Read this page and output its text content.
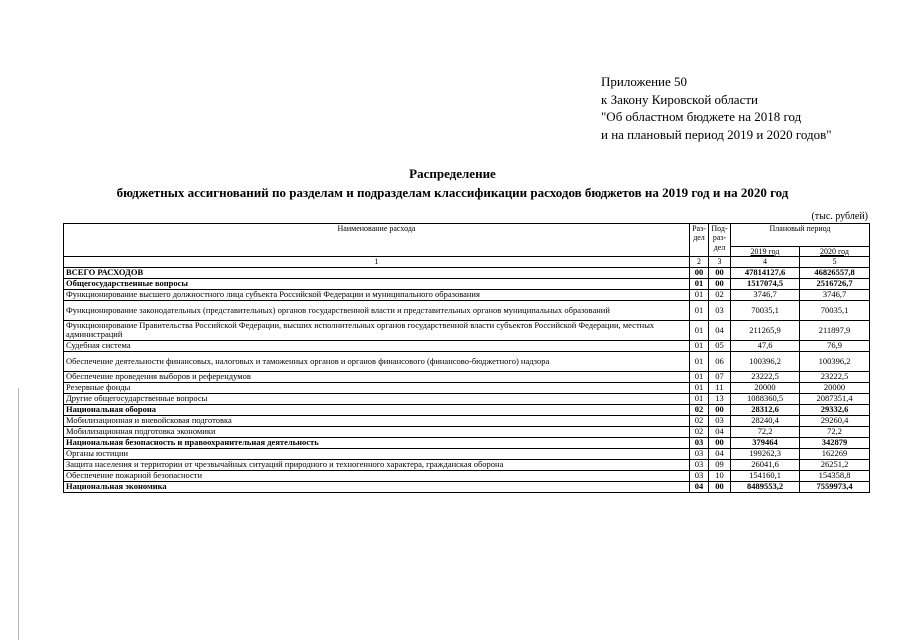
Приложение 50
к Закону Кировской области
"Об областном бюджете на 2018 год
и на плановый период 2019 и 2020 годов"
Распределение
бюджетных ассигнований по разделам и подразделам классификации расходов бюджетов на 2019 год и на 2020 год
(тыс. рублей)
Наименование расхода	Раз-дел	Под-раз-дел	Плановый период	
			2019 год	2020 год
1	2	3	4	5
ВСЕГО РАСХОДОВ	00	00	47814127,6	46826557,8
Общегосударственные вопросы	01	00	1517074,5	2516726,7
Функционирование высшего должностного лица субъекта Российской Федерации и муниципального образования	01	02	3746,7	3746,7
Функционирование законодательных (представительных) органов государственной власти и представительных органов муниципальных образований	01	03	70035,1	70035,1
Функционирование Правительства Российской Федерации, высших исполнительных органов государственной власти субъектов Российской Федерации, местных администраций	01	04	211265,9	211897,9
Судебная система	01	05	47,6	76,9
Обеспечение деятельности финансовых, налоговых и таможенных органов и органов финансового (финансово-бюджетного) надзора	01	06	100396,2	100396,2
Обеспечение проведения выборов и референдумов	01	07	23222,5	23222,5
Резервные фонды	01	11	20000	20000
Другие общегосударственные вопросы	01	13	1088360,5	2087351,4
Национальная оборона	02	00	28312,6	29332,6
Мобилизационная и вневойсковая подготовка	02	03	28240,4	29260,4
Мобилизационная подготовка экономики	02	04	72,2	72,2
Национальная безопасность и правоохранительная деятельность	03	00	379464	342879
Органы юстиции	03	04	199262,3	162269
Защита населения и территории от чрезвычайных ситуаций природного и техногенного характера, гражданская оборона	03	09	26041,6	26251,2
Обеспечение пожарной безопасности	03	10	154160,1	154358,8
Национальная экономика	04	00	8489553,2	7559973,4
